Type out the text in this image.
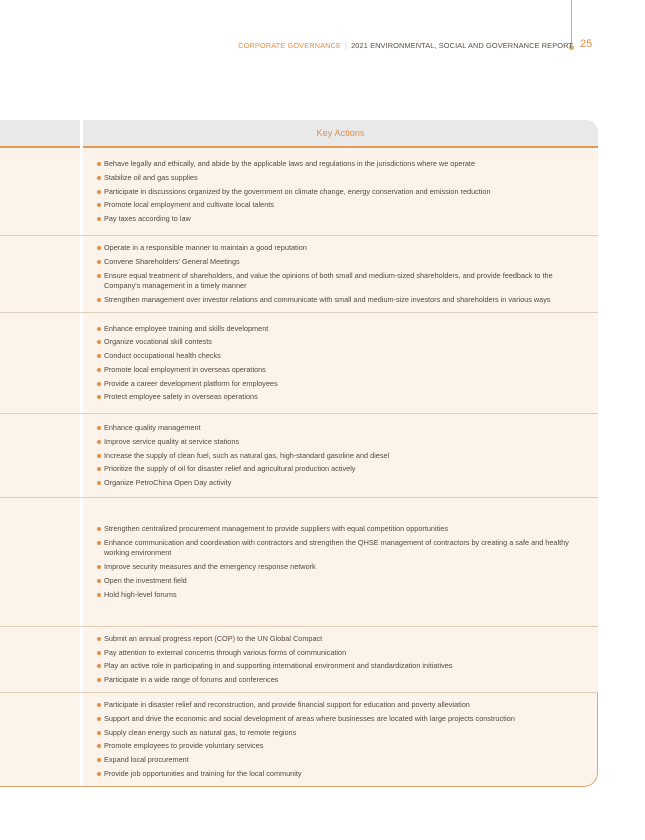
CORPORATE GOVERNANCE | 2021 ENVIRONMENTAL, SOCIAL AND GOVERNANCE REPORT 25
Key Actions
Behave legally and ethically, and abide by the applicable laws and regulations in the jurisdictions where we operate
Stabilize oil and gas supplies
Participate in discussions organized by the government on climate change, energy conservation and emission reduction
Promote local employment and cultivate local talents
Pay taxes according to law
Operate in a responsible manner to maintain a good reputation
Convene Shareholders' General Meetings
Ensure equal treatment of shareholders, and value the opinions of both small and medium-sized shareholders, and provide feedback to the Company's management in a timely manner
Strengthen management over investor relations and communicate with small and medium-size investors and shareholders in various ways
Enhance employee training and skills development
Organize vocational skill contests
Conduct occupational health checks
Promote local employment in overseas operations
Provide a career development platform for employees
Protect employee safety in overseas operations
Enhance quality management
Improve service quality at service stations
Increase the supply of clean fuel, such as natural gas, high-standard gasoline and diesel
Prioritize the supply of oil for disaster relief and agricultural production actively
Organize PetroChina Open Day activity
Strengthen centralized procurement management to provide suppliers with equal competition opportunities
Enhance communication and coordination with contractors and strengthen the QHSE management of contractors by creating a safe and healthy working environment
Improve security measures and the emergency response network
Open the investment field
Hold high-level forums
Submit an annual progress report (COP) to the UN Global Compact
Pay attention to external concerns through various forms of communication
Play an active role in participating in and supporting international environment and standardization initiatives
Participate in a wide range of forums and conferences
Participate in disaster relief and reconstruction, and provide financial support for education and poverty alleviation
Support and drive the economic and social development of areas where businesses are located with large projects construction
Supply clean energy such as natural gas, to remote regions
Promote employees to provide voluntary services
Expand local procurement
Provide job opportunities and training for the local community
